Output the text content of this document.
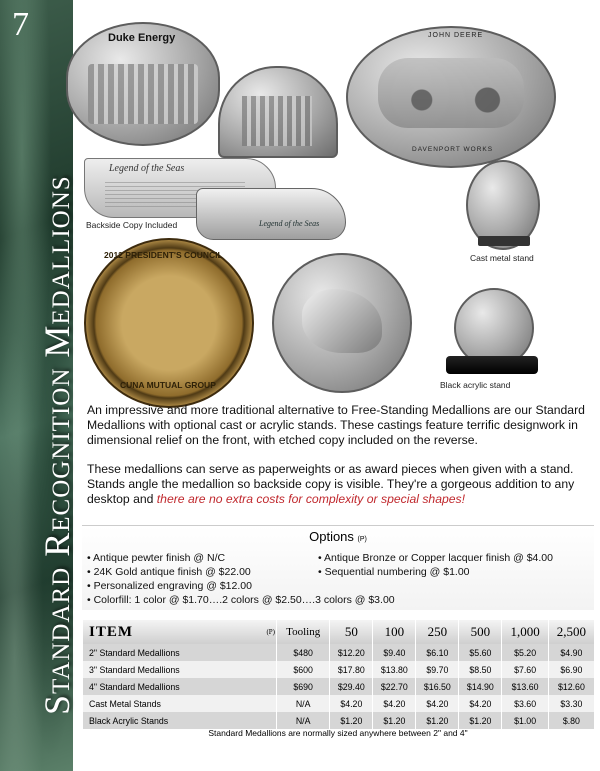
7
Standard Recognition Medallions
Duke Energy	JOHN DEERE
DAVENPORT WORKS
Legend of the Seas
Backside Copy Included	Legend of the Seas
Cast metal stand
2012 PRESIDENT'S COUNCIL
CUNA MUTUAL GROUP	Black acrylic stand

An impressive and more traditional alternative to Free-Standing Medallions are our Standard Medallions with optional cast or acrylic stands. These castings feature terrific designwork in dimensional relief on the front, with etched copy included on the reverse.

These medallions can serve as paperweights or as award pieces when given with a stand. Stands angle the medallion so backside copy is visible. They're a gorgeous addition to any desktop and there are no extra costs for complexity or special shapes!

Options (P)
• Antique pewter finish @ N/C
• 24K Gold antique finish @ $22.00
• Personalized engraving @ $12.00
• Colorfill: 1 color @ $1.70….2 colors @ $2.50….3 colors @ $3.00
• Antique Bronze or Copper lacquer finish @ $4.00
• Sequential numbering @ $1.00
ITEM	(P)	Tooling	50	100	250	500	1,000	2,500
2" Standard Medallions		$480	$12.20	$9.40	$6.10	$5.60	$5.20	$4.90
3" Standard Medallions		$600	$17.80	$13.80	$9.70	$8.50	$7.60	$6.90
4" Standard Medallions		$690	$29.40	$22.70	$16.50	$14.90	$13.60	$12.60
Cast Metal Stands		N/A	$4.20	$4.20	$4.20	$4.20	$3.60	$3.30
Black Acrylic Stands		N/A	$1.20	$1.20	$1.20	$1.20	$1.00	$.80
Standard Medallions are normally sized anywhere between 2" and 4"
